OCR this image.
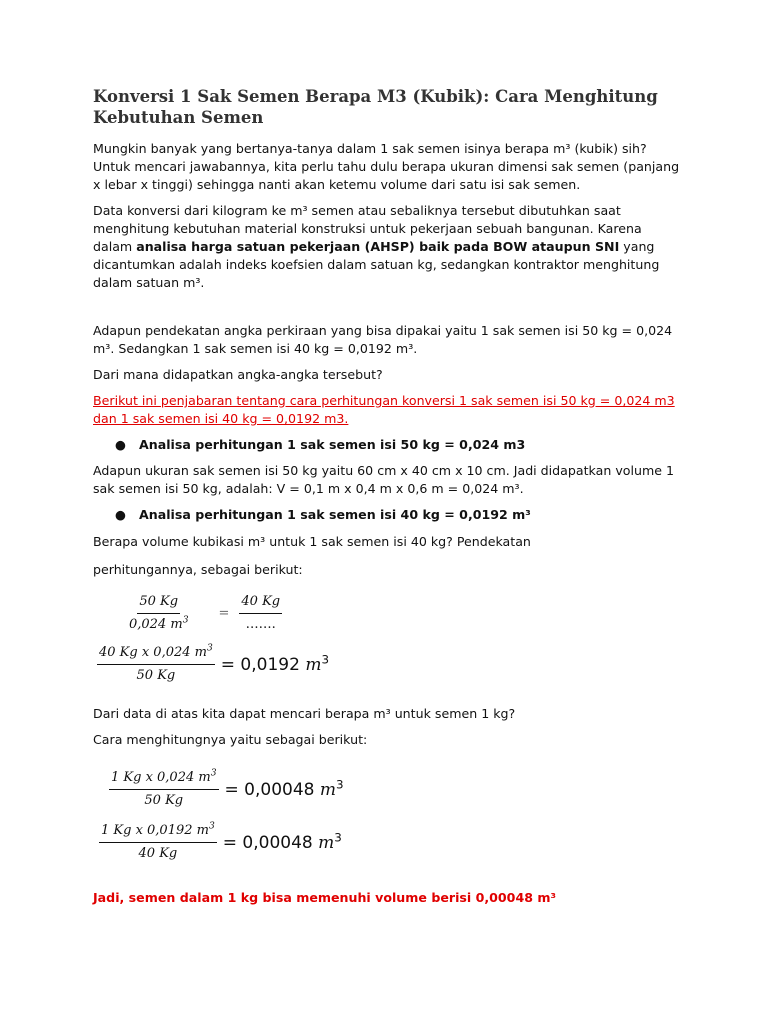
Konversi 1 Sak Semen Berapa M3 (Kubik): Cara Menghitung Kebutuhan Semen

Mungkin banyak yang bertanya-tanya dalam 1 sak semen isinya berapa m³ (kubik) sih? Untuk mencari jawabannya, kita perlu tahu dulu berapa ukuran dimensi sak semen (panjang x lebar x tinggi) sehingga nanti akan ketemu volume dari satu isi sak semen.

Data konversi dari kilogram ke m³ semen atau sebaliknya tersebut dibutuhkan saat menghitung kebutuhan material konstruksi untuk pekerjaan sebuah bangunan. Karena dalam analisa harga satuan pekerjaan (AHSP) baik pada BOW ataupun SNI yang dicantumkan adalah indeks koefsien dalam satuan kg, sedangkan kontraktor menghitung dalam satuan m³.

Adapun pendekatan angka perkiraan yang bisa dipakai yaitu 1 sak semen isi 50 kg = 0,024 m³. Sedangkan 1 sak semen isi 40 kg = 0,0192 m³.

Dari mana didapatkan angka-angka tersebut?

Berikut ini penjabaran tentang cara perhitungan konversi 1 sak semen isi 50 kg = 0,024 m3 dan 1 sak semen isi 40 kg = 0,0192 m3.

● Analisa perhitungan 1 sak semen isi 50 kg = 0,024 m3

Adapun ukuran sak semen isi 50 kg yaitu 60 cm x 40 cm x 10 cm. Jadi didapatkan volume 1 sak semen isi 50 kg, adalah: V = 0,1 m x 0,4 m x 0,6 m = 0,024 m³.

● Analisa perhitungan 1 sak semen isi 40 kg = 0,0192 m³

Berapa volume kubikasi m³ untuk 1 sak semen isi 40 kg? Pendekatan

perhitungannya, sebagai berikut:

$\frac{50 Kg}{0,024 m^3} = \frac{40 Kg}{\dots\dots.}$
$\frac{40 Kg x 0,024 m^3}{50 Kg} = 0,0192$ $m^3$

Dari data di atas kita dapat mencari berapa m³ untuk semen 1 kg?

Cara menghitungnya yaitu sebagai berikut:

$\frac{1 Kg x 0,024 m^3}{50 Kg} = 0,00048$ $m^3$
$\frac{1 Kg x 0,0192 m^3}{40 Kg} = 0,00048$ $m^3$

Jadi, semen dalam 1 kg bisa memenuhi volume berisi 0,00048 m³
